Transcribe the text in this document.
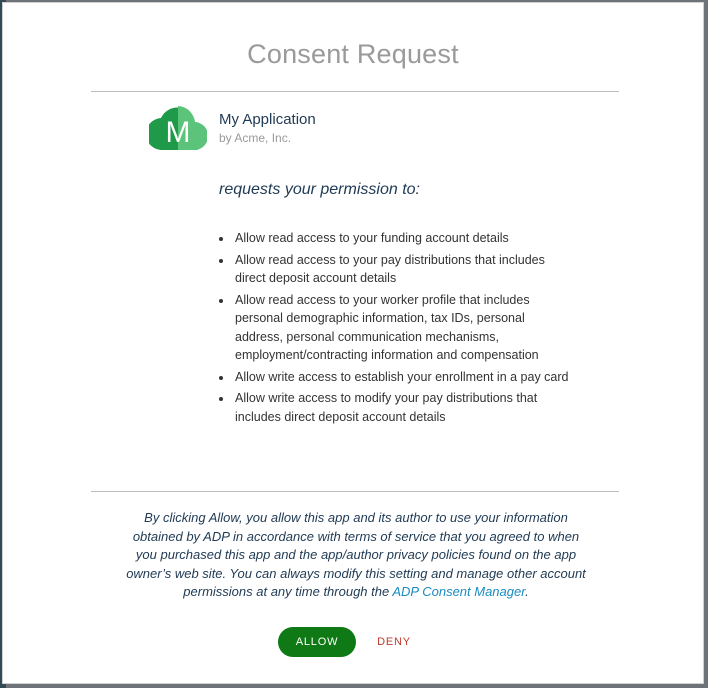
Consent Request
M My Application
by Acme, Inc.
requests your permission to:
• Allow read access to your funding account details
• Allow read access to your pay distributions that includes direct deposit account details
• Allow read access to your worker profile that includes personal demographic information, tax IDs, personal address, personal communication mechanisms, employment/contracting information and compensation
• Allow write access to establish your enrollment in a pay card
• Allow write access to modify your pay distributions that includes direct deposit account details
By clicking Allow, you allow this app and its author to use your information obtained by ADP in accordance with terms of service that you agreed to when you purchased this app and the app/author privacy policies found on the app owner’s web site. You can always modify this setting and manage other account permissions at any time through the ADP Consent Manager.
ALLOW	DENY
